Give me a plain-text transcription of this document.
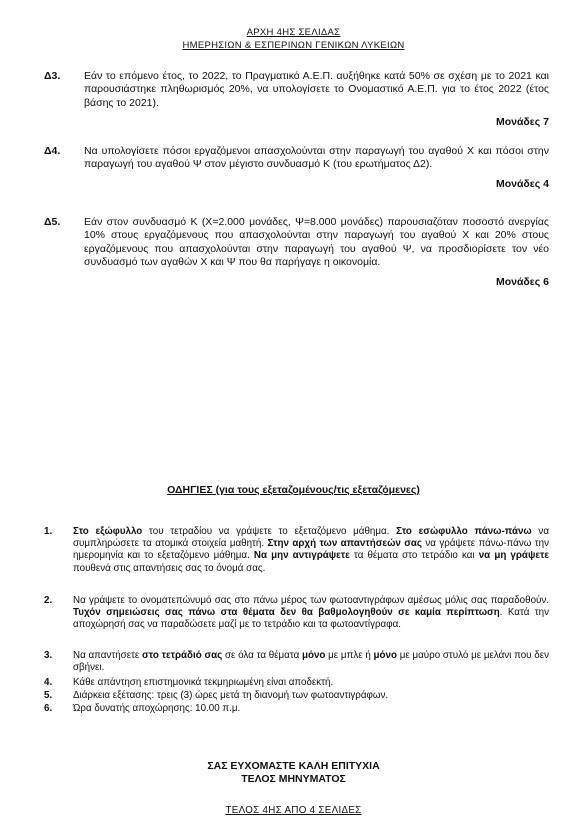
ΑΡΧΗ 4ΗΣ ΣΕΛΙΔΑΣ
ΗΜΕΡΗΣΙΩΝ & ΕΣΠΕΡΙΝΩΝ ΓΕΝΙΚΩΝ ΛΥΚΕΙΩΝ
Δ3. Εάν το επόμενο έτος, το 2022, το Πραγματικό Α.Ε.Π. αυξήθηκε κατά 50% σε σχέση με το 2021 και παρουσιάστηκε πληθωρισμός 20%, να υπολογίσετε το Ονομαστικό Α.Ε.Π. για το έτος 2022 (έτος βάσης το 2021).
Μονάδες 7
Δ4. Να υπολογίσετε πόσοι εργαζόμενοι απασχολούνται στην παραγωγή του αγαθού Χ και πόσοι στην παραγωγή του αγαθού Ψ στον μέγιστο συνδυασμό Κ (του ερωτήματος Δ2).
Μονάδες 4
Δ5. Εάν στον συνδυασμό Κ (Χ=2.000 μονάδες, Ψ=8.000 μονάδες) παρουσιαζόταν ποσοστό ανεργίας 10% στους εργαζόμενους που απασχολούνται στην παραγωγή του αγαθού Χ και 20% στους εργαζόμενους που απασχολούνται στην παραγωγή του αγαθού Ψ, να προσδιορίσετε τον νέο συνδυασμό των αγαθών Χ και Ψ που θα παρήγαγε η οικονομία.
Μονάδες 6
ΟΔΗΓΙΕΣ (για τους εξεταζομένους/τις εξεταζόμενες)
1. Στο εξώφυλλο του τετραδίου να γράψετε το εξεταζόμενο μάθημα. Στο εσώφυλλο πάνω-πάνω να συμπληρώσετε τα ατομικά στοιχεία μαθητή. Στην αρχή των απαντήσεών σας να γράψετε πάνω-πάνω την ημερομηνία και το εξεταζόμενο μάθημα. Να μην αντιγράψετε τα θέματα στο τετράδιο και να μη γράψετε πουθενά στις απαντήσεις σας το όνομά σας.
2. Να γράψετε το ονοματεπώνυμό σας στο πάνω μέρος των φωτοαντιγράφων αμέσως μόλις σας παραδοθούν. Τυχόν σημειώσεις σας πάνω στα θέματα δεν θα βαθμολογηθούν σε καμία περίπτωση. Κατά την αποχώρησή σας να παραδώσετε μαζί με το τετράδιο και τα φωτοαντίγραφα.
3. Να απαντήσετε στο τετράδιό σας σε όλα τα θέματα μόνο με μπλε ή μόνο με μαύρο στυλό με μελάνι που δεν σβήνει.
4. Κάθε απάντηση επιστημονικά τεκμηριωμένη είναι αποδεκτή.
5. Διάρκεια εξέτασης: τρεις (3) ώρες μετά τη διανομή των φωτοαντιγράφων.
6. Ώρα δυνατής αποχώρησης: 10.00 π.μ.
ΣΑΣ ΕΥΧΟΜΑΣΤΕ ΚΑΛΗ ΕΠΙΤΥΧΙΑ
ΤΕΛΟΣ ΜΗΝΥΜΑΤΟΣ
ΤΕΛΟΣ 4ΗΣ ΑΠΟ 4 ΣΕΛΙΔΕΣ
